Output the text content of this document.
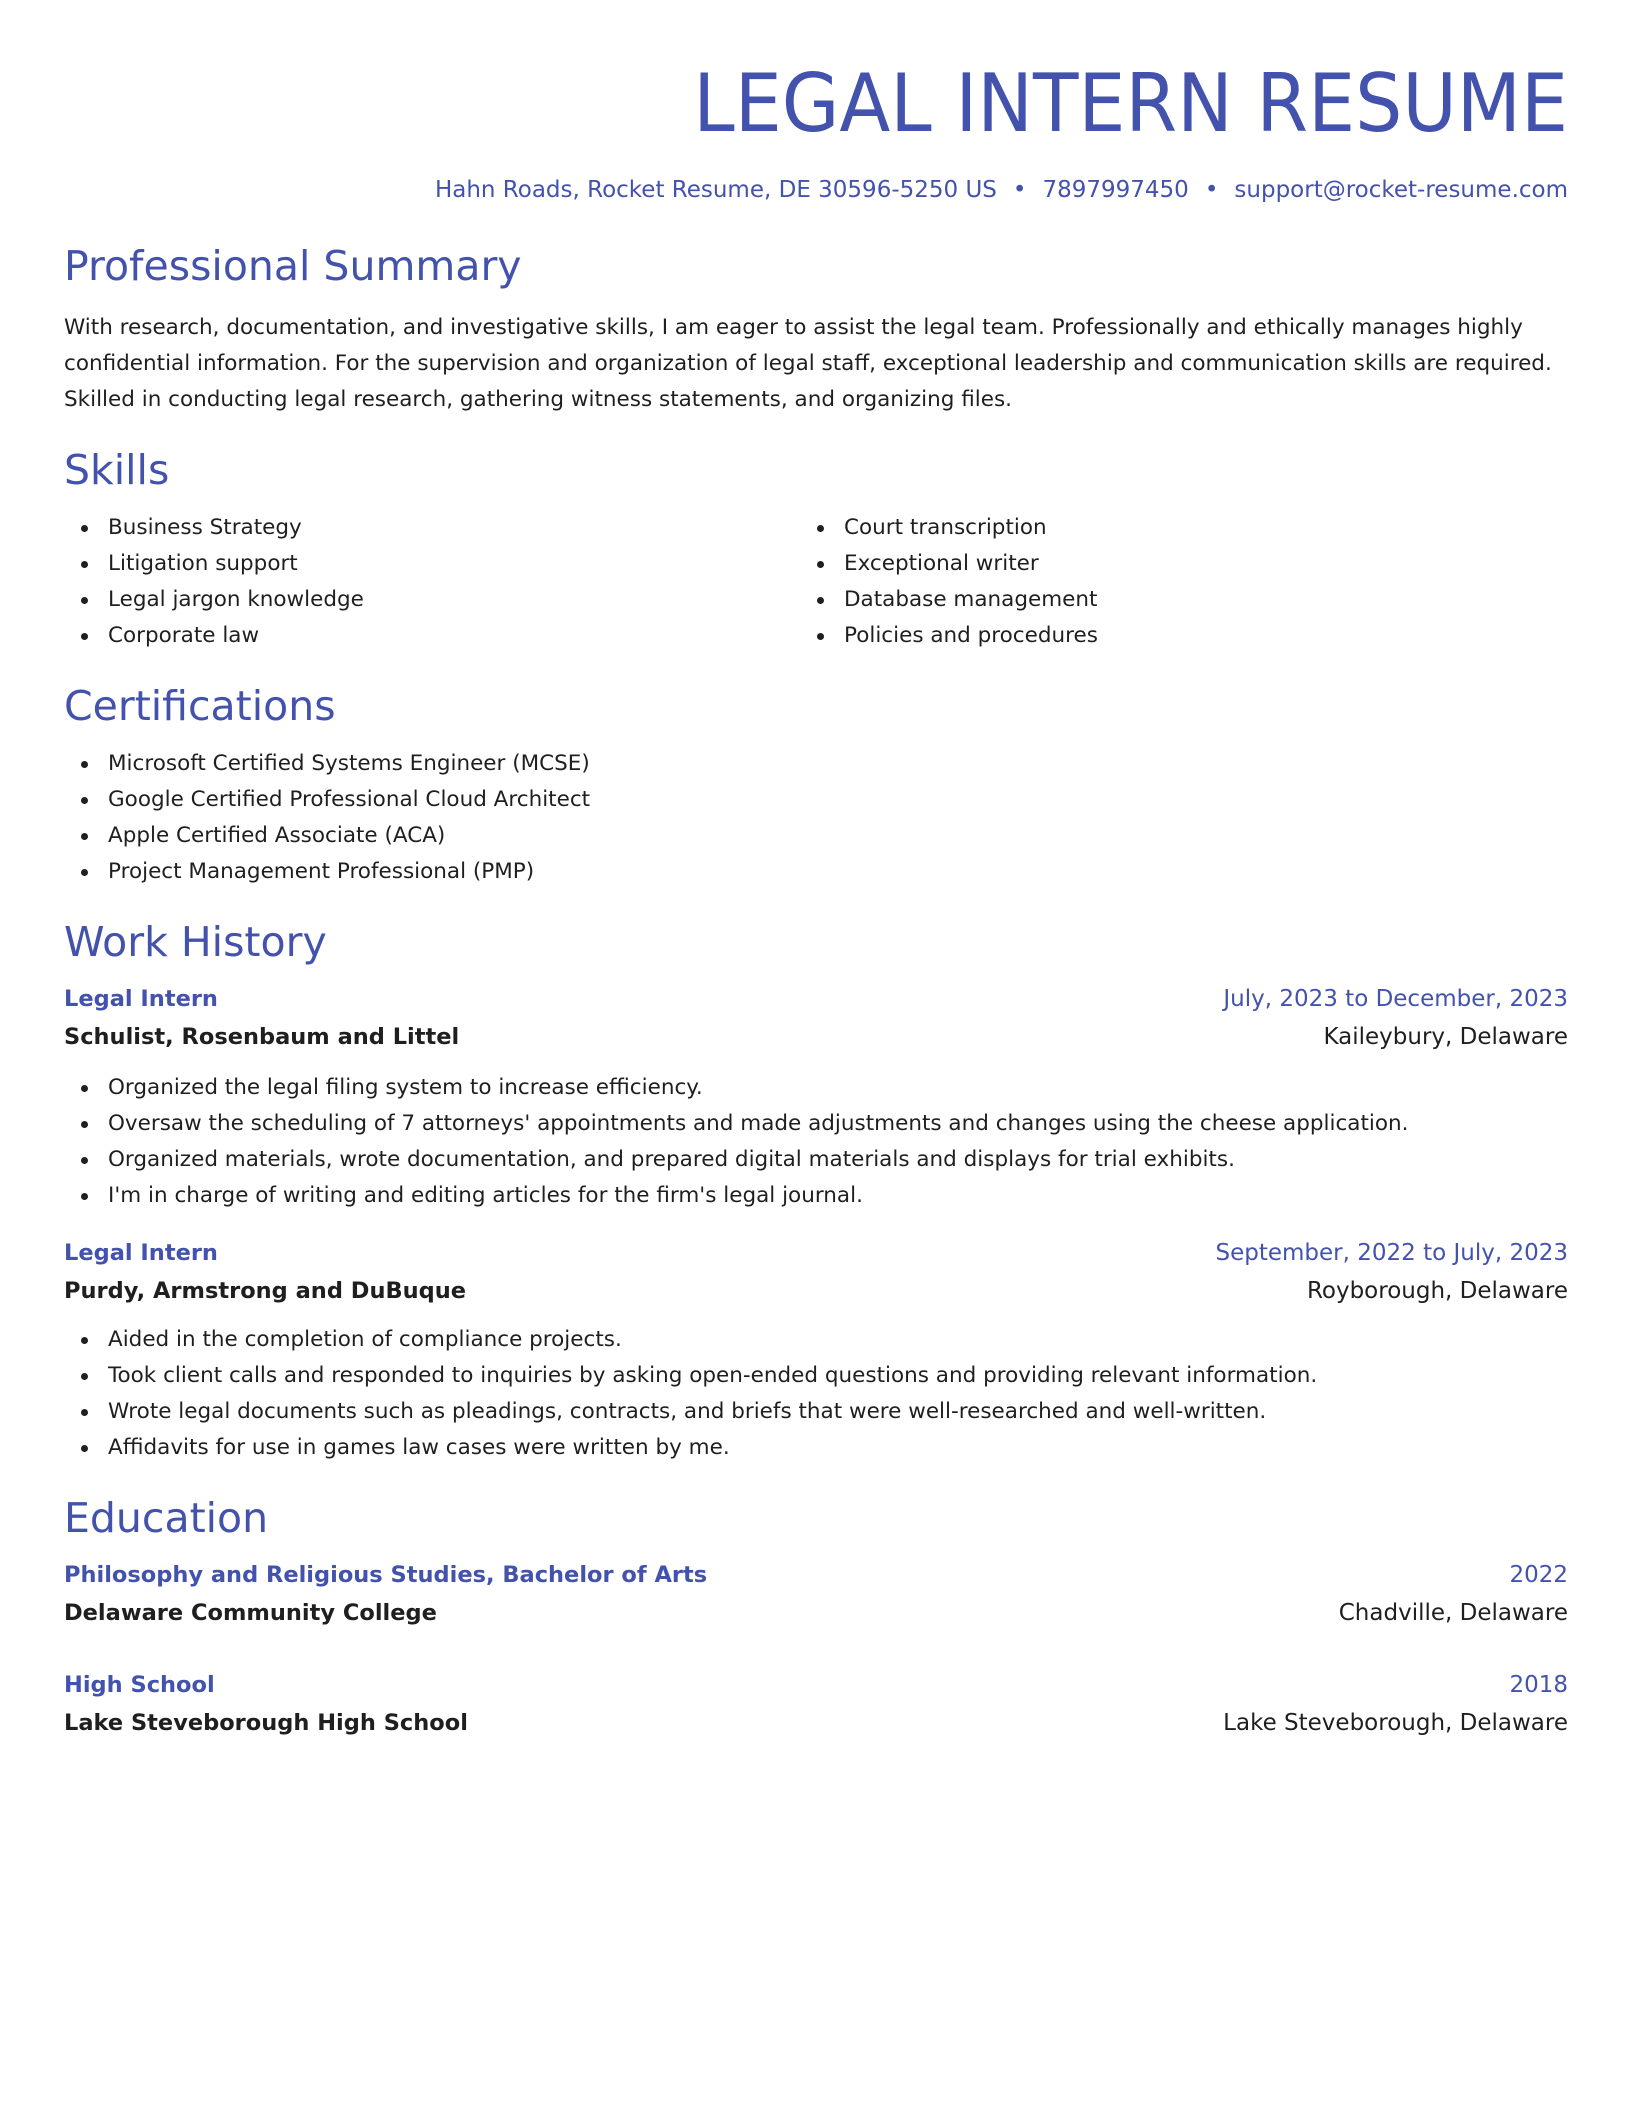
LEGAL INTERN RESUME
Hahn Roads, Rocket Resume, DE 30596-5250 US • 7897997450 • support@rocket-resume.com
Professional Summary

With research, documentation, and investigative skills, I am eager to assist the legal team. Professionally and ethically manages highly confidential information. For the supervision and organization of legal staff, exceptional leadership and communication skills are required. Skilled in conducting legal research, gathering witness statements, and organizing files.

Skills
Business Strategy
Litigation support
Legal jargon knowledge
Corporate law
Court transcription
Exceptional writer
Database management
Policies and procedures
Certifications
Microsoft Certified Systems Engineer (MCSE)
Google Certified Professional Cloud Architect
Apple Certified Associate (ACA)
Project Management Professional (PMP)
Work History
Legal Intern	July, 2023 to December, 2023
Schulist, Rosenbaum and Littel	Kaileybury, Delaware
Organized the legal filing system to increase efficiency.
Oversaw the scheduling of 7 attorneys' appointments and made adjustments and changes using the cheese application.
Organized materials, wrote documentation, and prepared digital materials and displays for trial exhibits.
I'm in charge of writing and editing articles for the firm's legal journal.
Legal Intern	September, 2022 to July, 2023
Purdy, Armstrong and DuBuque	Royborough, Delaware
Aided in the completion of compliance projects.
Took client calls and responded to inquiries by asking open-ended questions and providing relevant information.
Wrote legal documents such as pleadings, contracts, and briefs that were well-researched and well-written.
Affidavits for use in games law cases were written by me.
Education
Philosophy and Religious Studies, Bachelor of Arts	2022
Delaware Community College	Chadville, Delaware
High School	2018
Lake Steveborough High School	Lake Steveborough, Delaware
